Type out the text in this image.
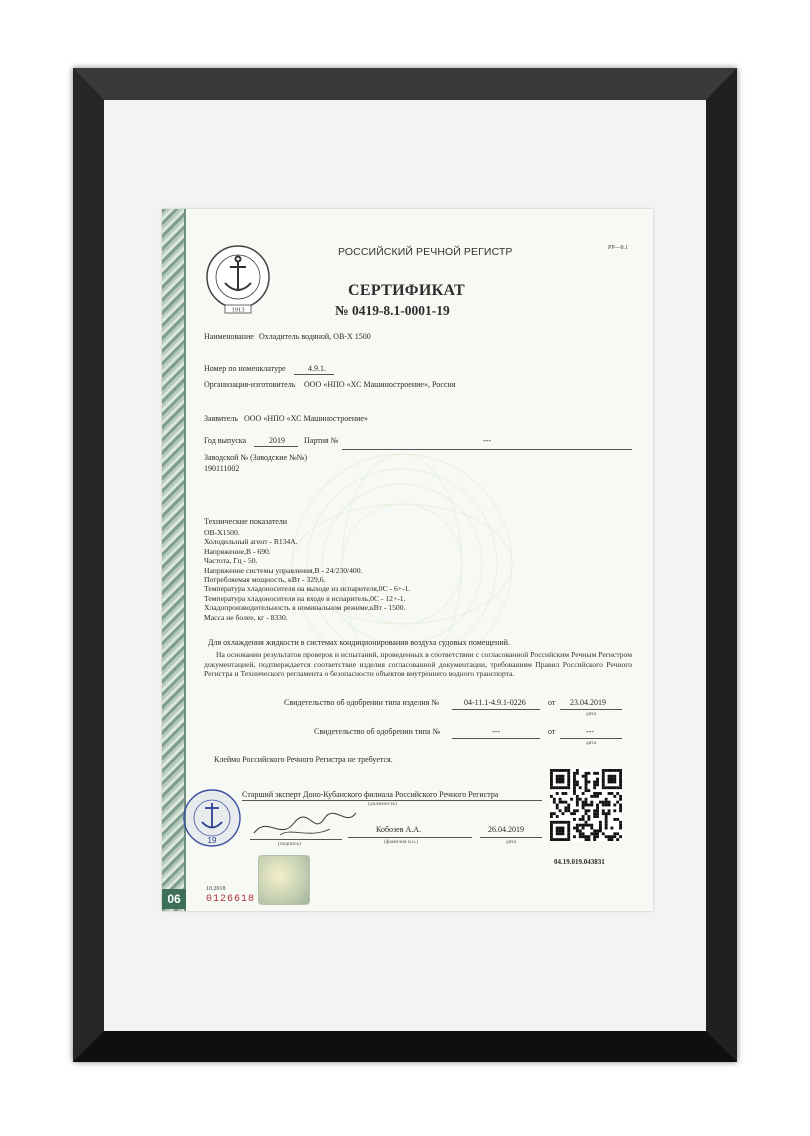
06
1913
РОССИЙСКИЙ РЕЧНОЙ РЕГИСТР	РР—8.1
СЕРТИФИКАТ
№ 0419-8.1-0001-19
Наименование Охладитель водяной, ОВ-Х 1500
Номер по номенклатуре	4.9.1.
Организация-изготовитель ООО «НПО «ХС Машиностроение», Россия
Заявитель ООО «НПО «ХС Машиностроение»
Год выпуска	2019 Партия №	---
Заводской № (Заводские №№)
190111002
Технические показатели
ОВ-X1500.
Холодильный агент - R134A.
Напряжение,В - 690.
Частота, Гц - 50.
Напряжение системы управления,В - 24/230/400.
Потребляемая мощность, кВт - 329,6.
Температура хладоносителя на выходе из испарителя,0С - 6+-1.
Температура хладоносителя на входе в испаритель,0С - 12+-1.
Хладопроизводительность в номинальном режиме,кВт - 1500.
Масса не более, кг - 8330.
Для охлаждения жидкости в системах кондиционирования воздуха судовых помещений.
На основании результатов проверок и испытаний, проведенных в соответствии с согласованной Российским Речным Регистром документацией, подтверждается соответствие изделия согласованной документации, требованиям Правил Российского Речного Регистра и Технического регламента о безопасности объектов внутреннего водного транспорта.
Свидетельство об одобрении типа изделия №	04-11.1-4.9.1-0226	от 23.04.2019
дата
Свидетельство об одобрении типа №	---	от	---
дата
Клеймо Российского Речного Регистра не требуется.
Старший эксперт Доно-Кубанского филиала Российского Речного Регистра
(должность)
(подпись)
Кобозев А.А.
(фамилия и.о.)
26.04.2019
дата
19
04.19.019.043831
10.2018
0126618
